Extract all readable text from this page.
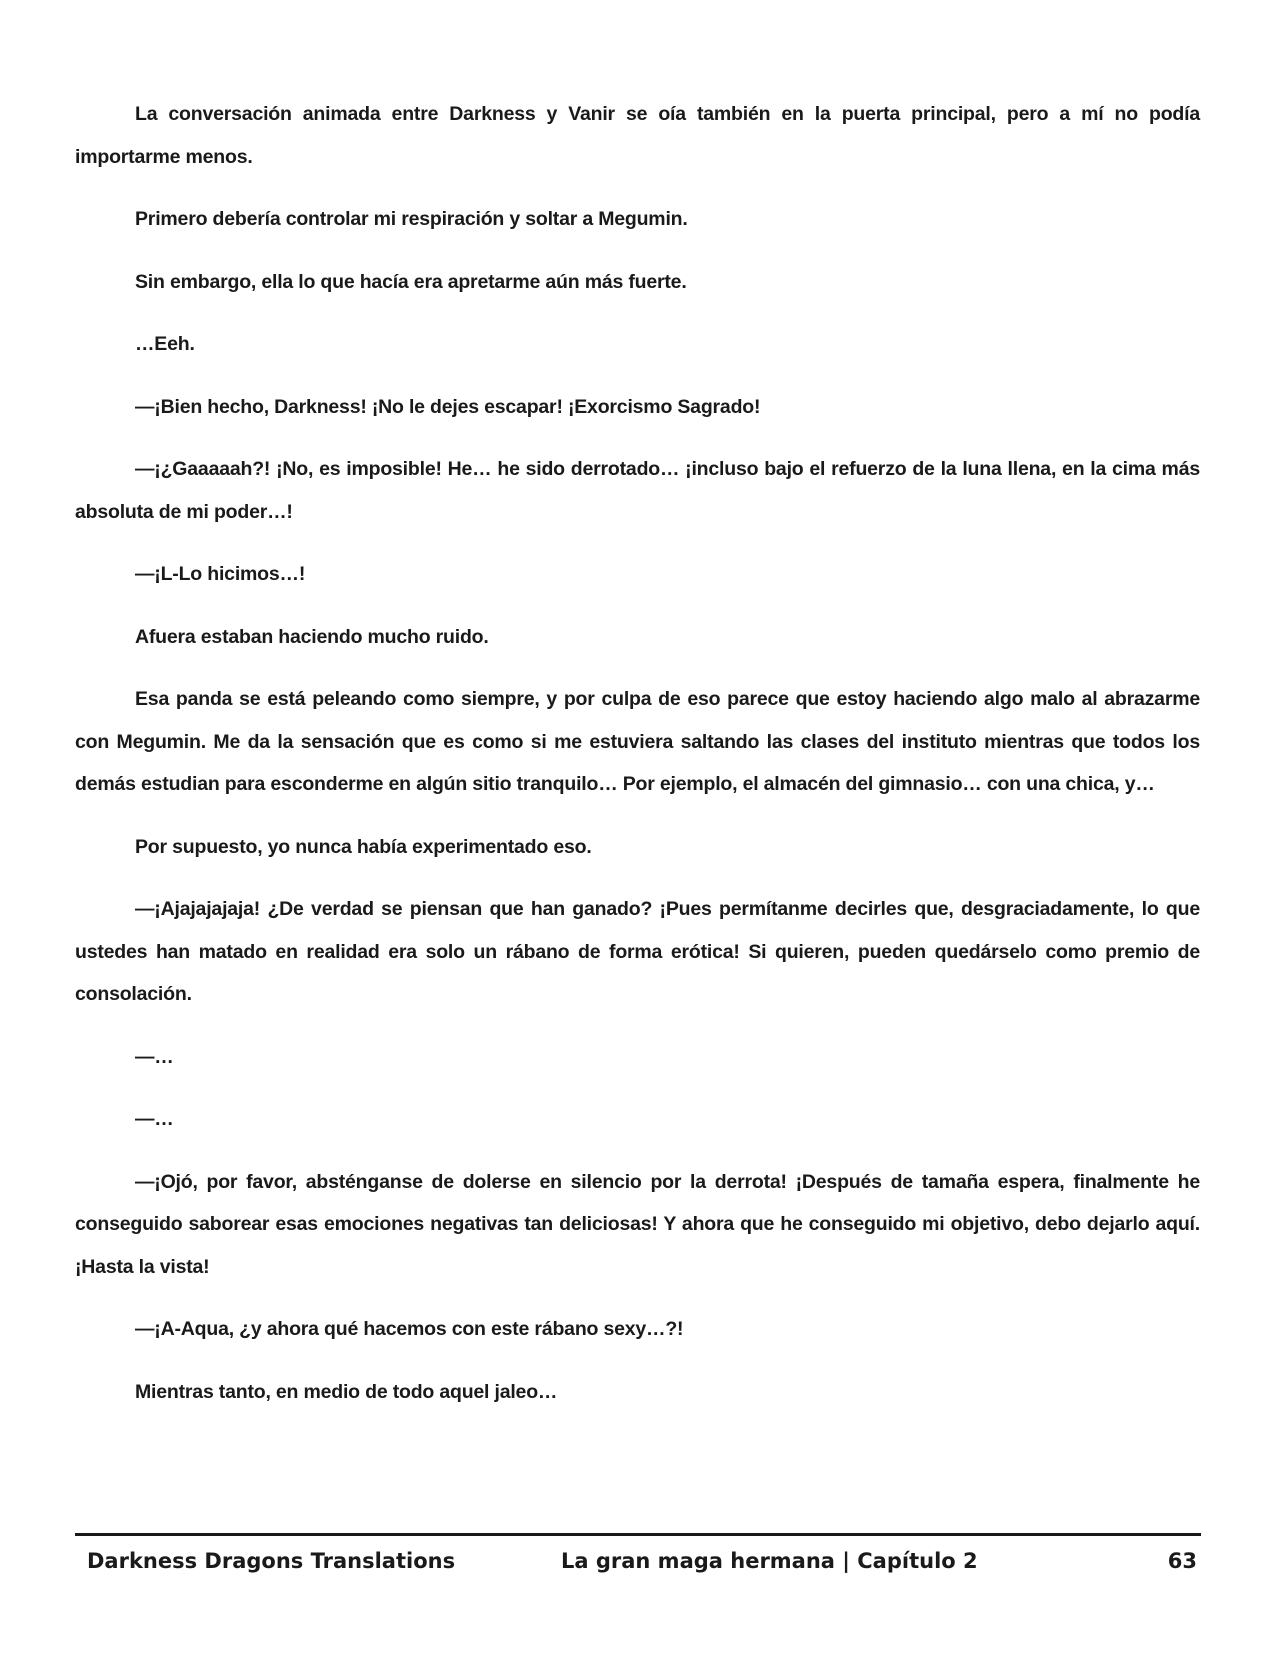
La conversación animada entre Darkness y Vanir se oía también en la puerta principal, pero a mí no podía importarme menos.

Primero debería controlar mi respiración y soltar a Megumin.

Sin embargo, ella lo que hacía era apretarme aún más fuerte.

…Eeh.

—¡Bien hecho, Darkness! ¡No le dejes escapar! ¡Exorcismo Sagrado!

—¡¿Gaaaaah?! ¡No, es imposible! He… he sido derrotado… ¡incluso bajo el refuerzo de la luna llena, en la cima más absoluta de mi poder…!

—¡L-Lo hicimos…!

Afuera estaban haciendo mucho ruido.

Esa panda se está peleando como siempre, y por culpa de eso parece que estoy haciendo algo malo al abrazarme con Megumin. Me da la sensación que es como si me estuviera saltando las clases del instituto mientras que todos los demás estudian para esconderme en algún sitio tranquilo… Por ejemplo, el almacén del gimnasio… con una chica, y…

Por supuesto, yo nunca había experimentado eso.

—¡Ajajajajaja! ¿De verdad se piensan que han ganado? ¡Pues permítanme decirles que, desgraciadamente, lo que ustedes han matado en realidad era solo un rábano de forma erótica! Si quieren, pueden quedárselo como premio de consolación.

—…

—…

—¡Ojó, por favor, absténganse de dolerse en silencio por la derrota! ¡Después de tamaña espera, finalmente he conseguido saborear esas emociones negativas tan deliciosas! Y ahora que he conseguido mi objetivo, debo dejarlo aquí. ¡Hasta la vista!

—¡A-Aqua, ¿y ahora qué hacemos con este rábano sexy…?!

Mientras tanto, en medio de todo aquel jaleo…

Darkness Dragons Translations	La gran maga hermana | Capítulo 2	63
